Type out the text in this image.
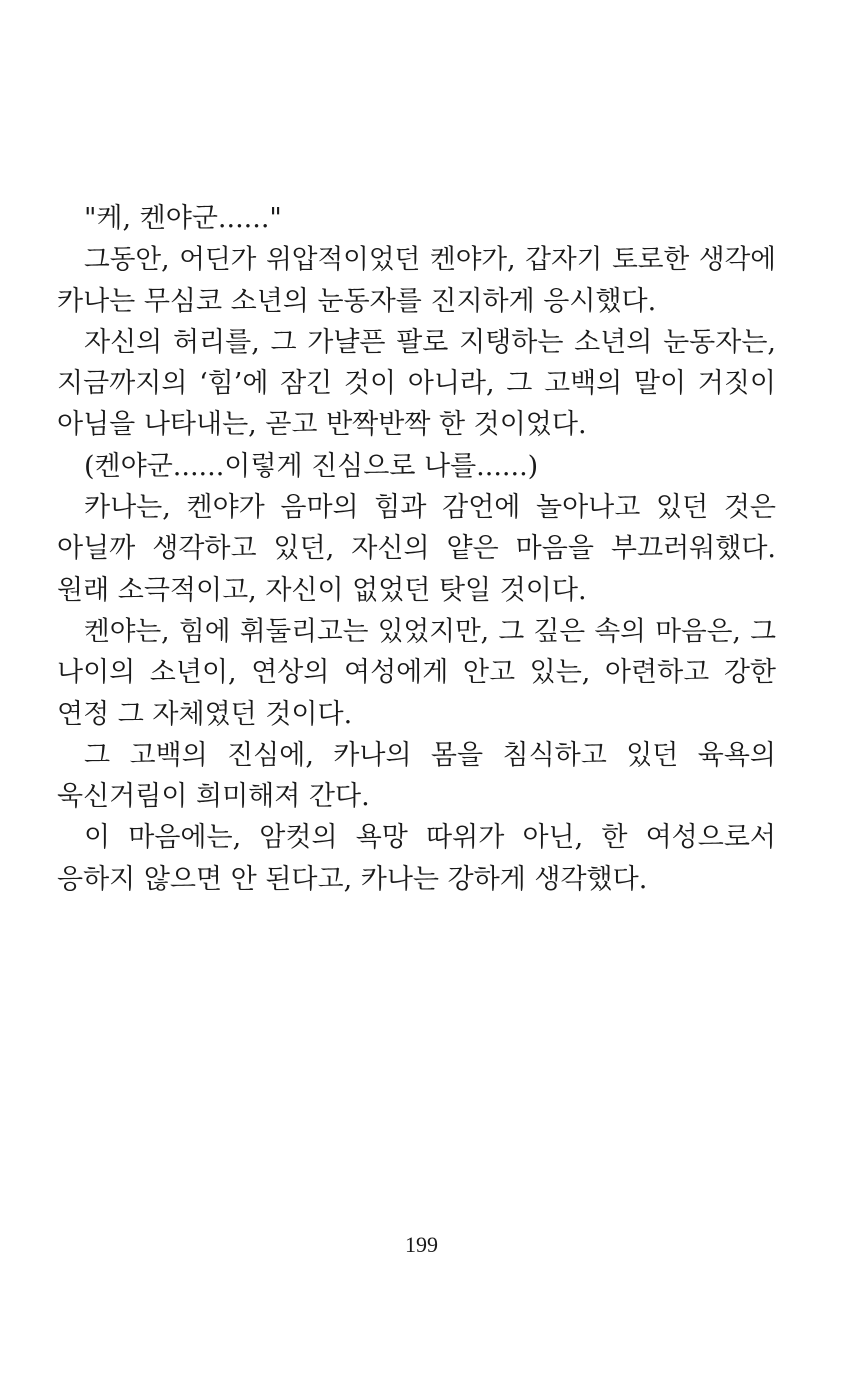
"케, 켄야군......"
그동안, 어딘가 위압적이었던 켄야가, 갑자기 토로한 생각에
카나는 무심코 소년의 눈동자를 진지하게 응시했다.
자신의 허리를, 그 가냘픈 팔로 지탱하는 소년의 눈동자는,
지금까지의 ‘힘’에 잠긴 것이 아니라, 그 고백의 말이 거짓이
아님을 나타내는, 곧고 반짝반짝 한 것이었다.
(켄야군......이렇게 진심으로 나를......)
카나는, 켄야가 음마의 힘과 감언에 놀아나고 있던 것은
아닐까 생각하고 있던, 자신의 얕은 마음을 부끄러워했다.
원래 소극적이고, 자신이 없었던 탓일 것이다.
켄야는, 힘에 휘둘리고는 있었지만, 그 깊은 속의 마음은, 그
나이의 소년이, 연상의 여성에게 안고 있는, 아련하고 강한
연정 그 자체였던 것이다.
그 고백의 진심에, 카나의 몸을 침식하고 있던 육욕의
욱신거림이 희미해져 간다.
이 마음에는, 암컷의 욕망 따위가 아닌, 한 여성으로서
응하지 않으면 안 된다고, 카나는 강하게 생각했다.
199
